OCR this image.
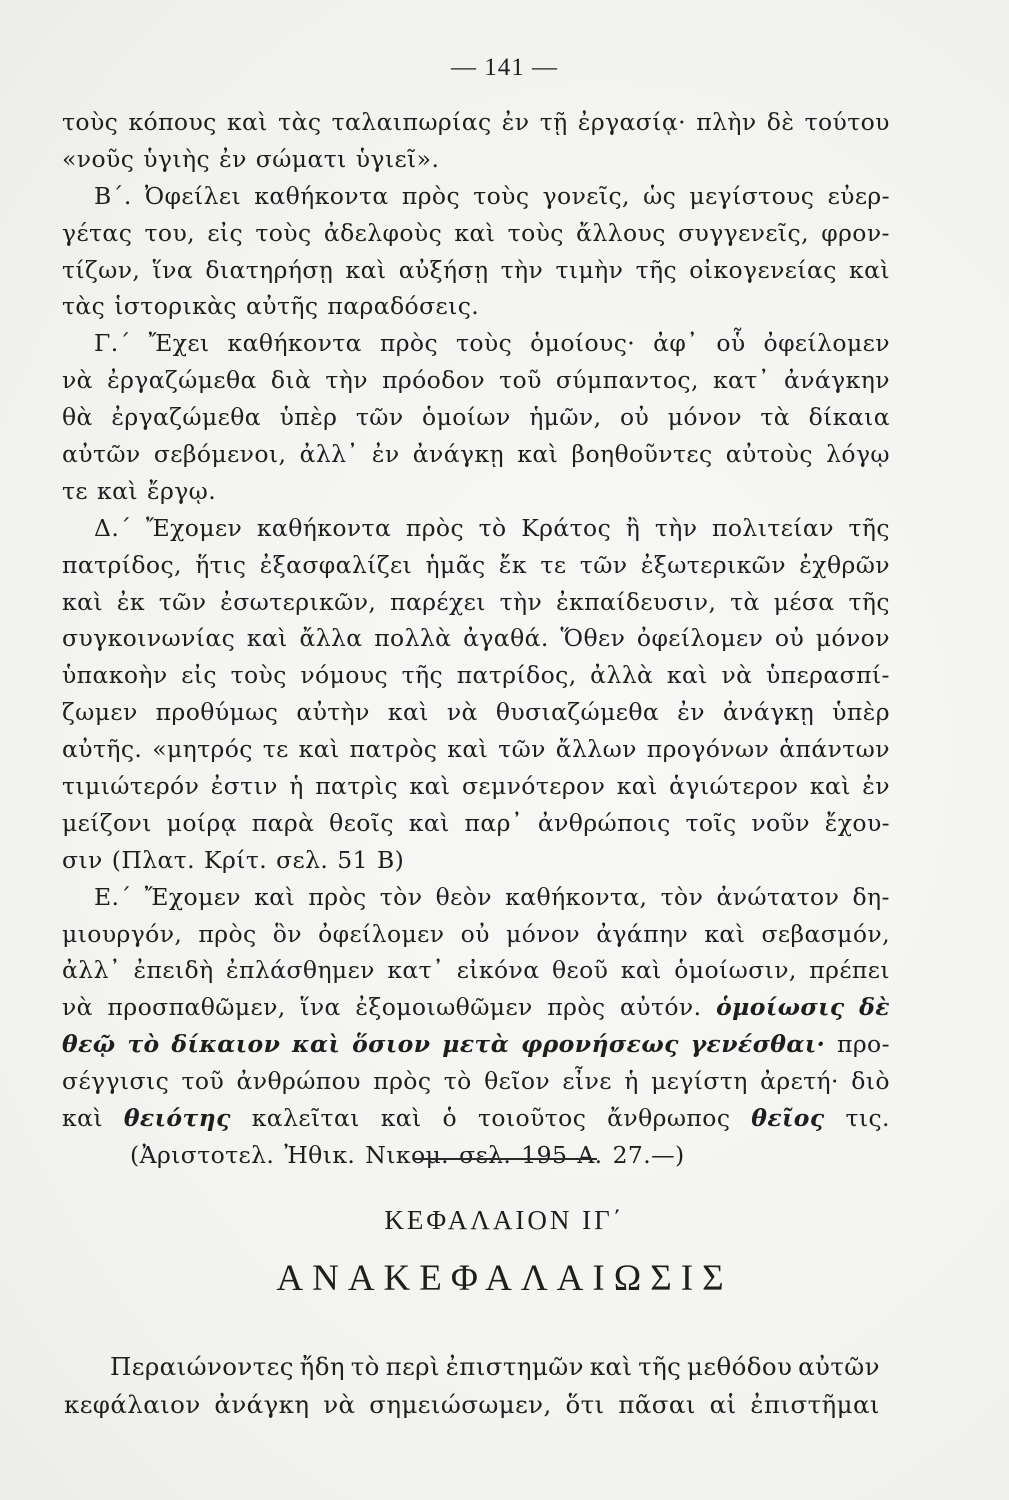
— 141 —
τοὺς κόπους καὶ τὰς ταλαιπωρίας ἐν τῇ ἐργασίᾳ· πλὴν δὲ τούτου
«νοῦς ὑγιὴς ἐν σώματι ὑγιεῖ».
Β΄. Ὀφείλει καθήκοντα πρὸς τοὺς γονεῖς, ὡς μεγίστους εὐερ-
γέτας του, εἰς τοὺς ἀδελφοὺς καὶ τοὺς ἄλλους συγγενεῖς, φρον-
τίζων, ἵνα διατηρήσῃ καὶ αὐξήσῃ τὴν τιμὴν τῆς οἰκογενείας καὶ
τὰς ἱστορικὰς αὐτῆς παραδόσεις.
Γ.΄ Ἔχει καθήκοντα πρὸς τοὺς ὁμοίους· ἀφ᾽ οὗ ὀφείλομεν
νὰ ἐργαζώμεθα διὰ τὴν πρόοδον τοῦ σύμπαντος, κατ᾽ ἀνάγκην
θὰ ἐργαζώμεθα ὑπὲρ τῶν ὁμοίων ἡμῶν, οὐ μόνον τὰ δίκαια
αὐτῶν σεβόμενοι, ἀλλ᾽ ἐν ἀνάγκῃ καὶ βοηθοῦντες αὐτοὺς λόγῳ
τε καὶ ἔργῳ.
Δ.΄ Ἔχομεν καθήκοντα πρὸς τὸ Κράτος ἢ τὴν πολιτείαν τῆς
πατρίδος, ἥτις ἐξασφαλίζει ἡμᾶς ἔκ τε τῶν ἐξωτερικῶν ἐχθρῶν
καὶ ἐκ τῶν ἐσωτερικῶν, παρέχει τὴν ἐκπαίδευσιν, τὰ μέσα τῆς
συγκοινωνίας καὶ ἄλλα πολλὰ ἀγαθά. Ὅθεν ὀφείλομεν οὐ μόνον
ὑπακοὴν εἰς τοὺς νόμους τῆς πατρίδος, ἀλλὰ καὶ νὰ ὑπερασπί-
ζωμεν προθύμως αὐτὴν καὶ νὰ θυσιαζώμεθα ἐν ἀνάγκῃ ὑπὲρ
αὐτῆς. «μητρός τε καὶ πατρὸς καὶ τῶν ἄλλων προγόνων ἁπάντων
τιμιώτερόν ἐστιν ἡ πατρὶς καὶ σεμνότερον καὶ ἁγιώτερον καὶ ἐν
μείζονι μοίρᾳ παρὰ θεοῖς καὶ παρ᾽ ἀνθρώποις τοῖς νοῦν ἔχου-
σιν (Πλατ. Κρίτ. σελ. 51 Β)
Ε.΄ Ἔχομεν καὶ πρὸς τὸν θεὸν καθήκοντα, τὸν ἀνώτατον δη-
μιουργόν, πρὸς ὃν ὀφείλομεν οὐ μόνον ἀγάπην καὶ σεβασμόν,
ἀλλ᾽ ἐπειδὴ ἐπλάσθημεν κατ᾽ εἰκόνα θεοῦ καὶ ὁμοίωσιν, πρέπει
νὰ προσπαθῶμεν, ἵνα ἐξομοιωθῶμεν πρὸς αὐτόν. ὁμοίωσις δὲ
θεῷ τὸ δίκαιον καὶ ὅσιον μετὰ φρονήσεως γενέσθαι· προ-
σέγγισις τοῦ ἀνθρώπου πρὸς τὸ θεῖον εἶνε ἡ μεγίστη ἀρετή· διὸ
καὶ θειότης καλεῖται καὶ ὁ τοιοῦτος ἄνθρωπος θεῖος τις.
(Ἀριστοτελ. Ἠθικ. Νικομ. σελ. 195 Α. 27.—)
ΚΕΦΑΛΑΙΟΝ ΙΓ΄
ΑΝΑΚΕΦΑΛΑΙΩΣΙΣ
Περαιώνοντες ἤδη τὸ περὶ ἐπιστημῶν καὶ τῆς μεθόδου αὐτῶν
κεφάλαιον ἀνάγκη νὰ σημειώσωμεν, ὅτι πᾶσαι αἱ ἐπιστῆμαι
